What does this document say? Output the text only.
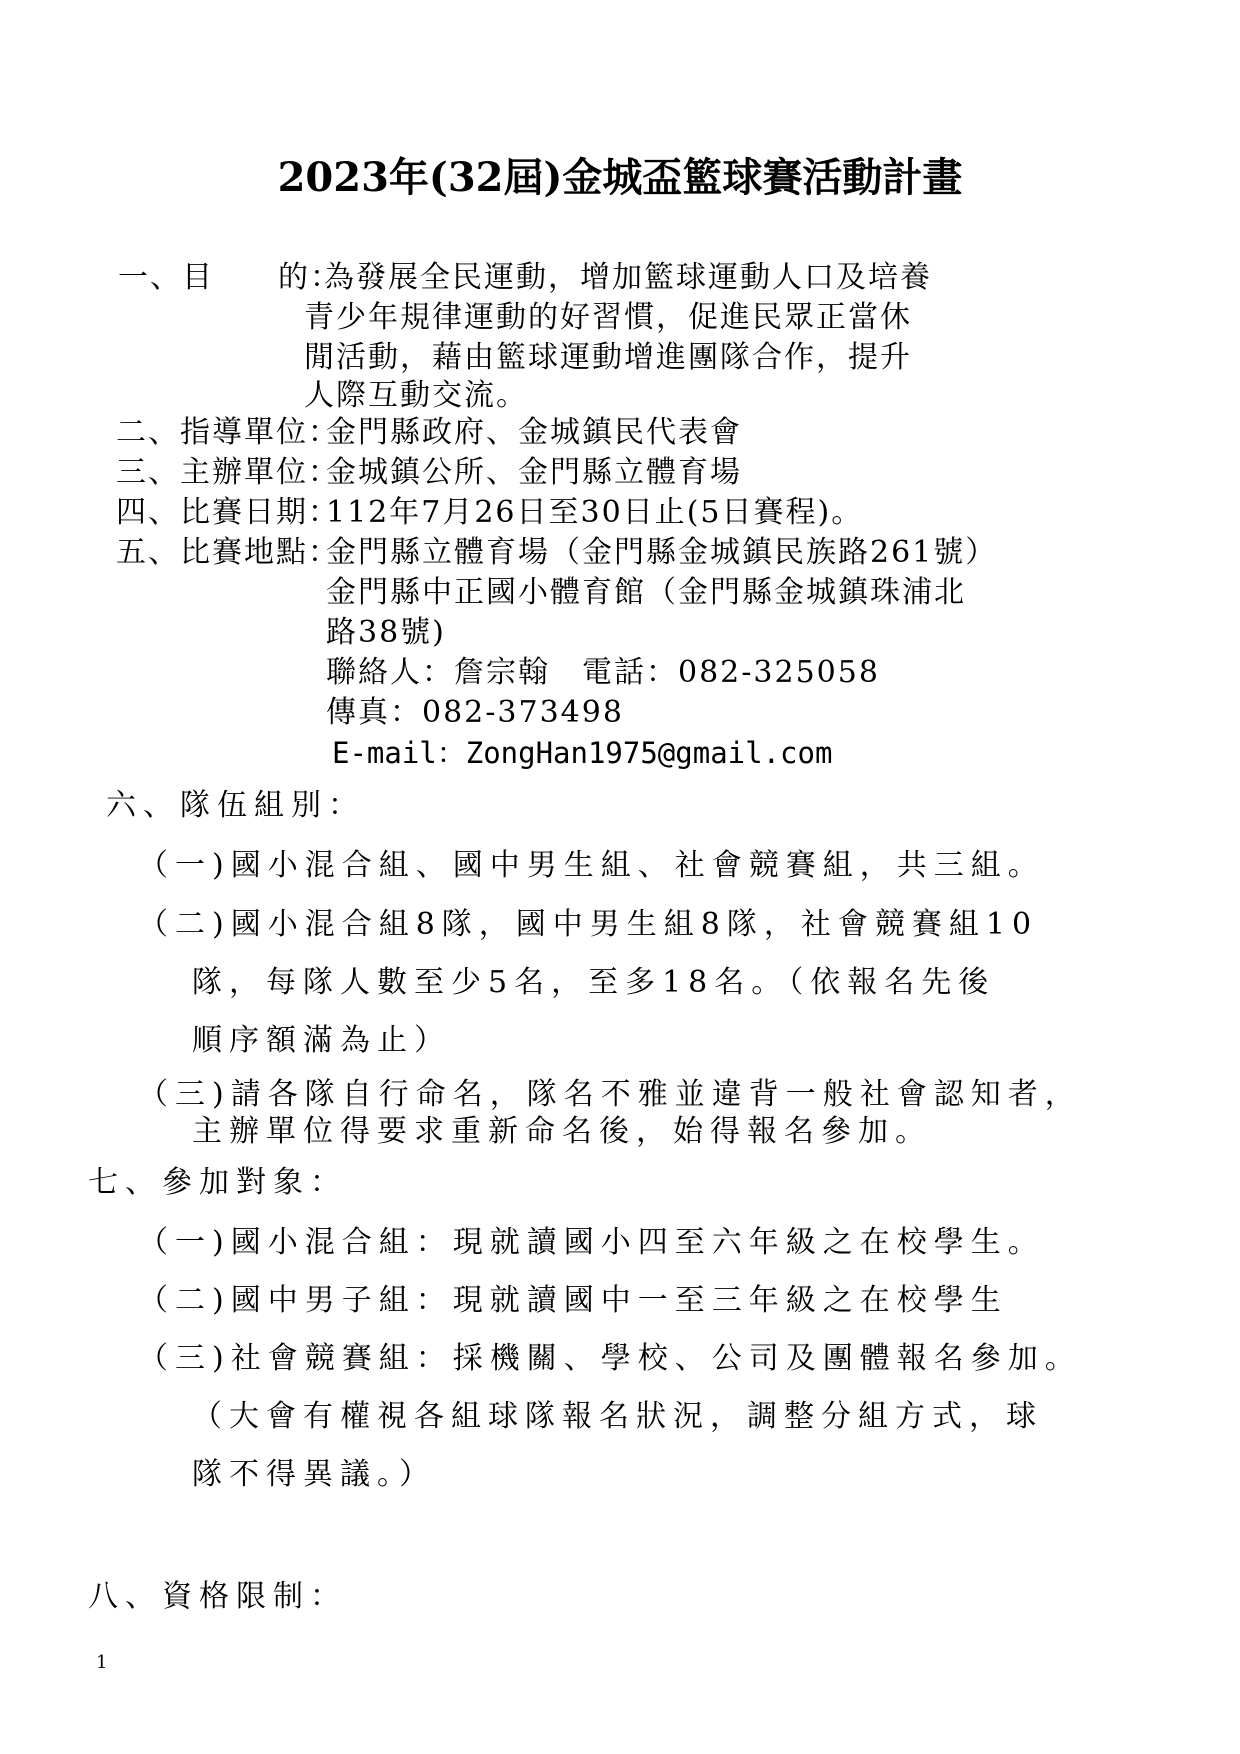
2023年(32屆)金城盃籃球賽活動計畫
一、目　　的：
為發展全民運動，增加籃球運動人口及培養
青少年規律運動的好習慣，促進民眾正當休
閒活動，藉由籃球運動增進團隊合作，提升
人際互動交流。
二、指導單位：
金門縣政府、金城鎮民代表會
三、主辦單位：
金城鎮公所、金門縣立體育場
四、比賽日期：
112年7月26日至30日止(5日賽程)。
五、比賽地點：
金門縣立體育場（金門縣金城鎮民族路261號）
金門縣中正國小體育館（金門縣金城鎮珠浦北
路38號)
聯絡人：詹宗翰 電話：082-325058
傳真：082-373498
E-mail：ZongHan1975@gmail.com
六、隊伍組別：
（一)國小混合組、國中男生組、社會競賽組，共三組。
（二)國小混合組8隊，國中男生組8隊，社會競賽組10
隊，每隊人數至少5名，至多18名。（依報名先後
順序額滿為止）
（三)請各隊自行命名，隊名不雅並違背一般社會認知者，
主辦單位得要求重新命名後，始得報名參加。
七、參加對象：
（一)國小混合組：現就讀國小四至六年級之在校學生。
（二)國中男子組：現就讀國中一至三年級之在校學生
（三)社會競賽組：採機關、學校、公司及團體報名參加。
（大會有權視各組球隊報名狀況，調整分組方式，球
隊不得異議。）
八、資格限制：
1
